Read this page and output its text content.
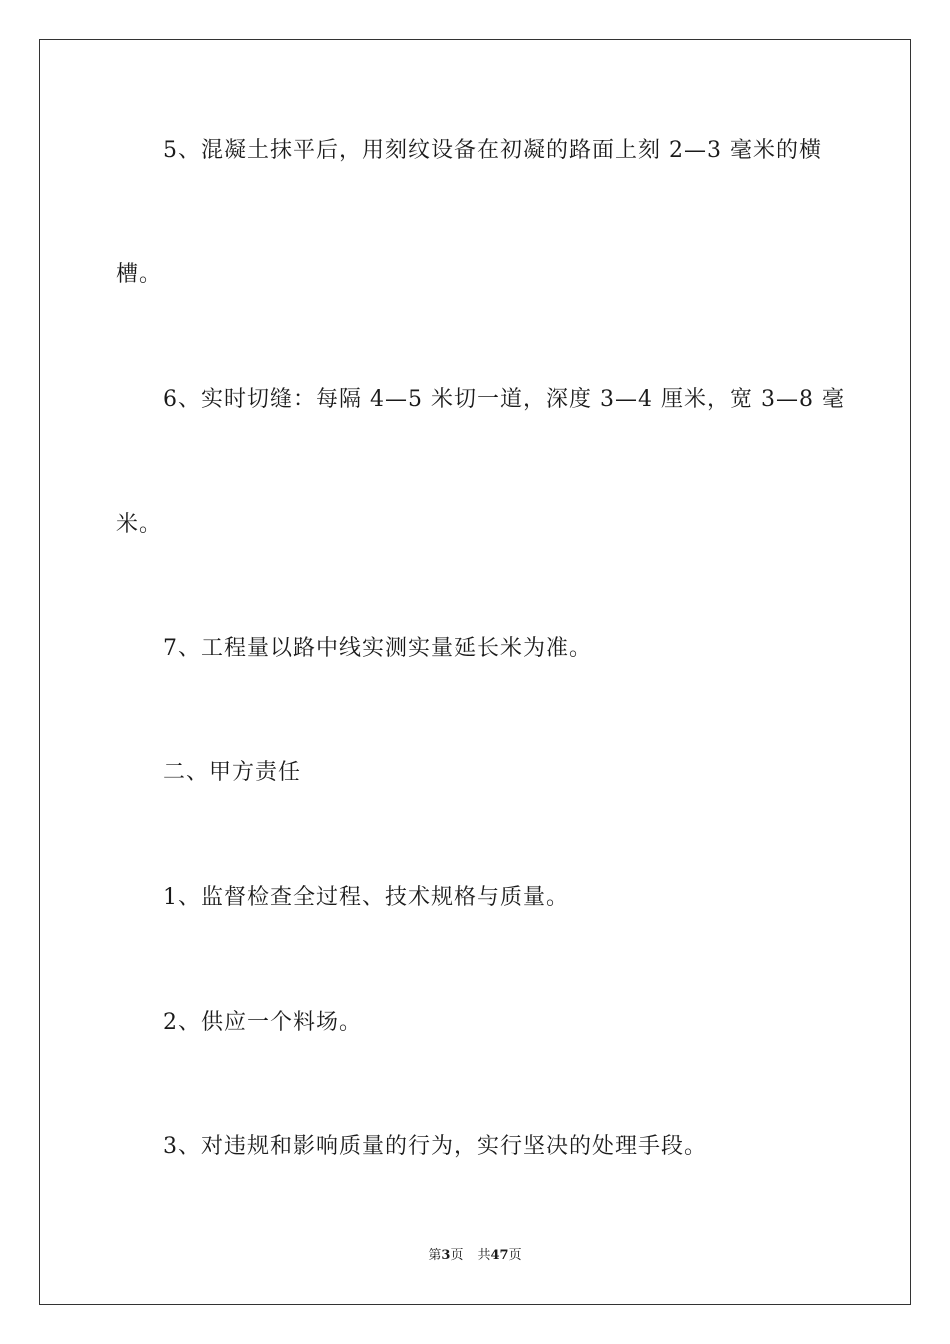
5、混凝土抹平后，用刻纹设备在初凝的路面上刻 2—3 毫米的横
槽。
6、实时切缝：每隔 4—5 米切一道，深度 3—4 厘米，宽 3—8 毫
米。
7、工程量以路中线实测实量延长米为准。
二、甲方责任
1、监督检查全过程、技术规格与质量。
2、供应一个料场。
3、对违规和影响质量的行为，实行坚决的处理手段。
第3页 共47页
